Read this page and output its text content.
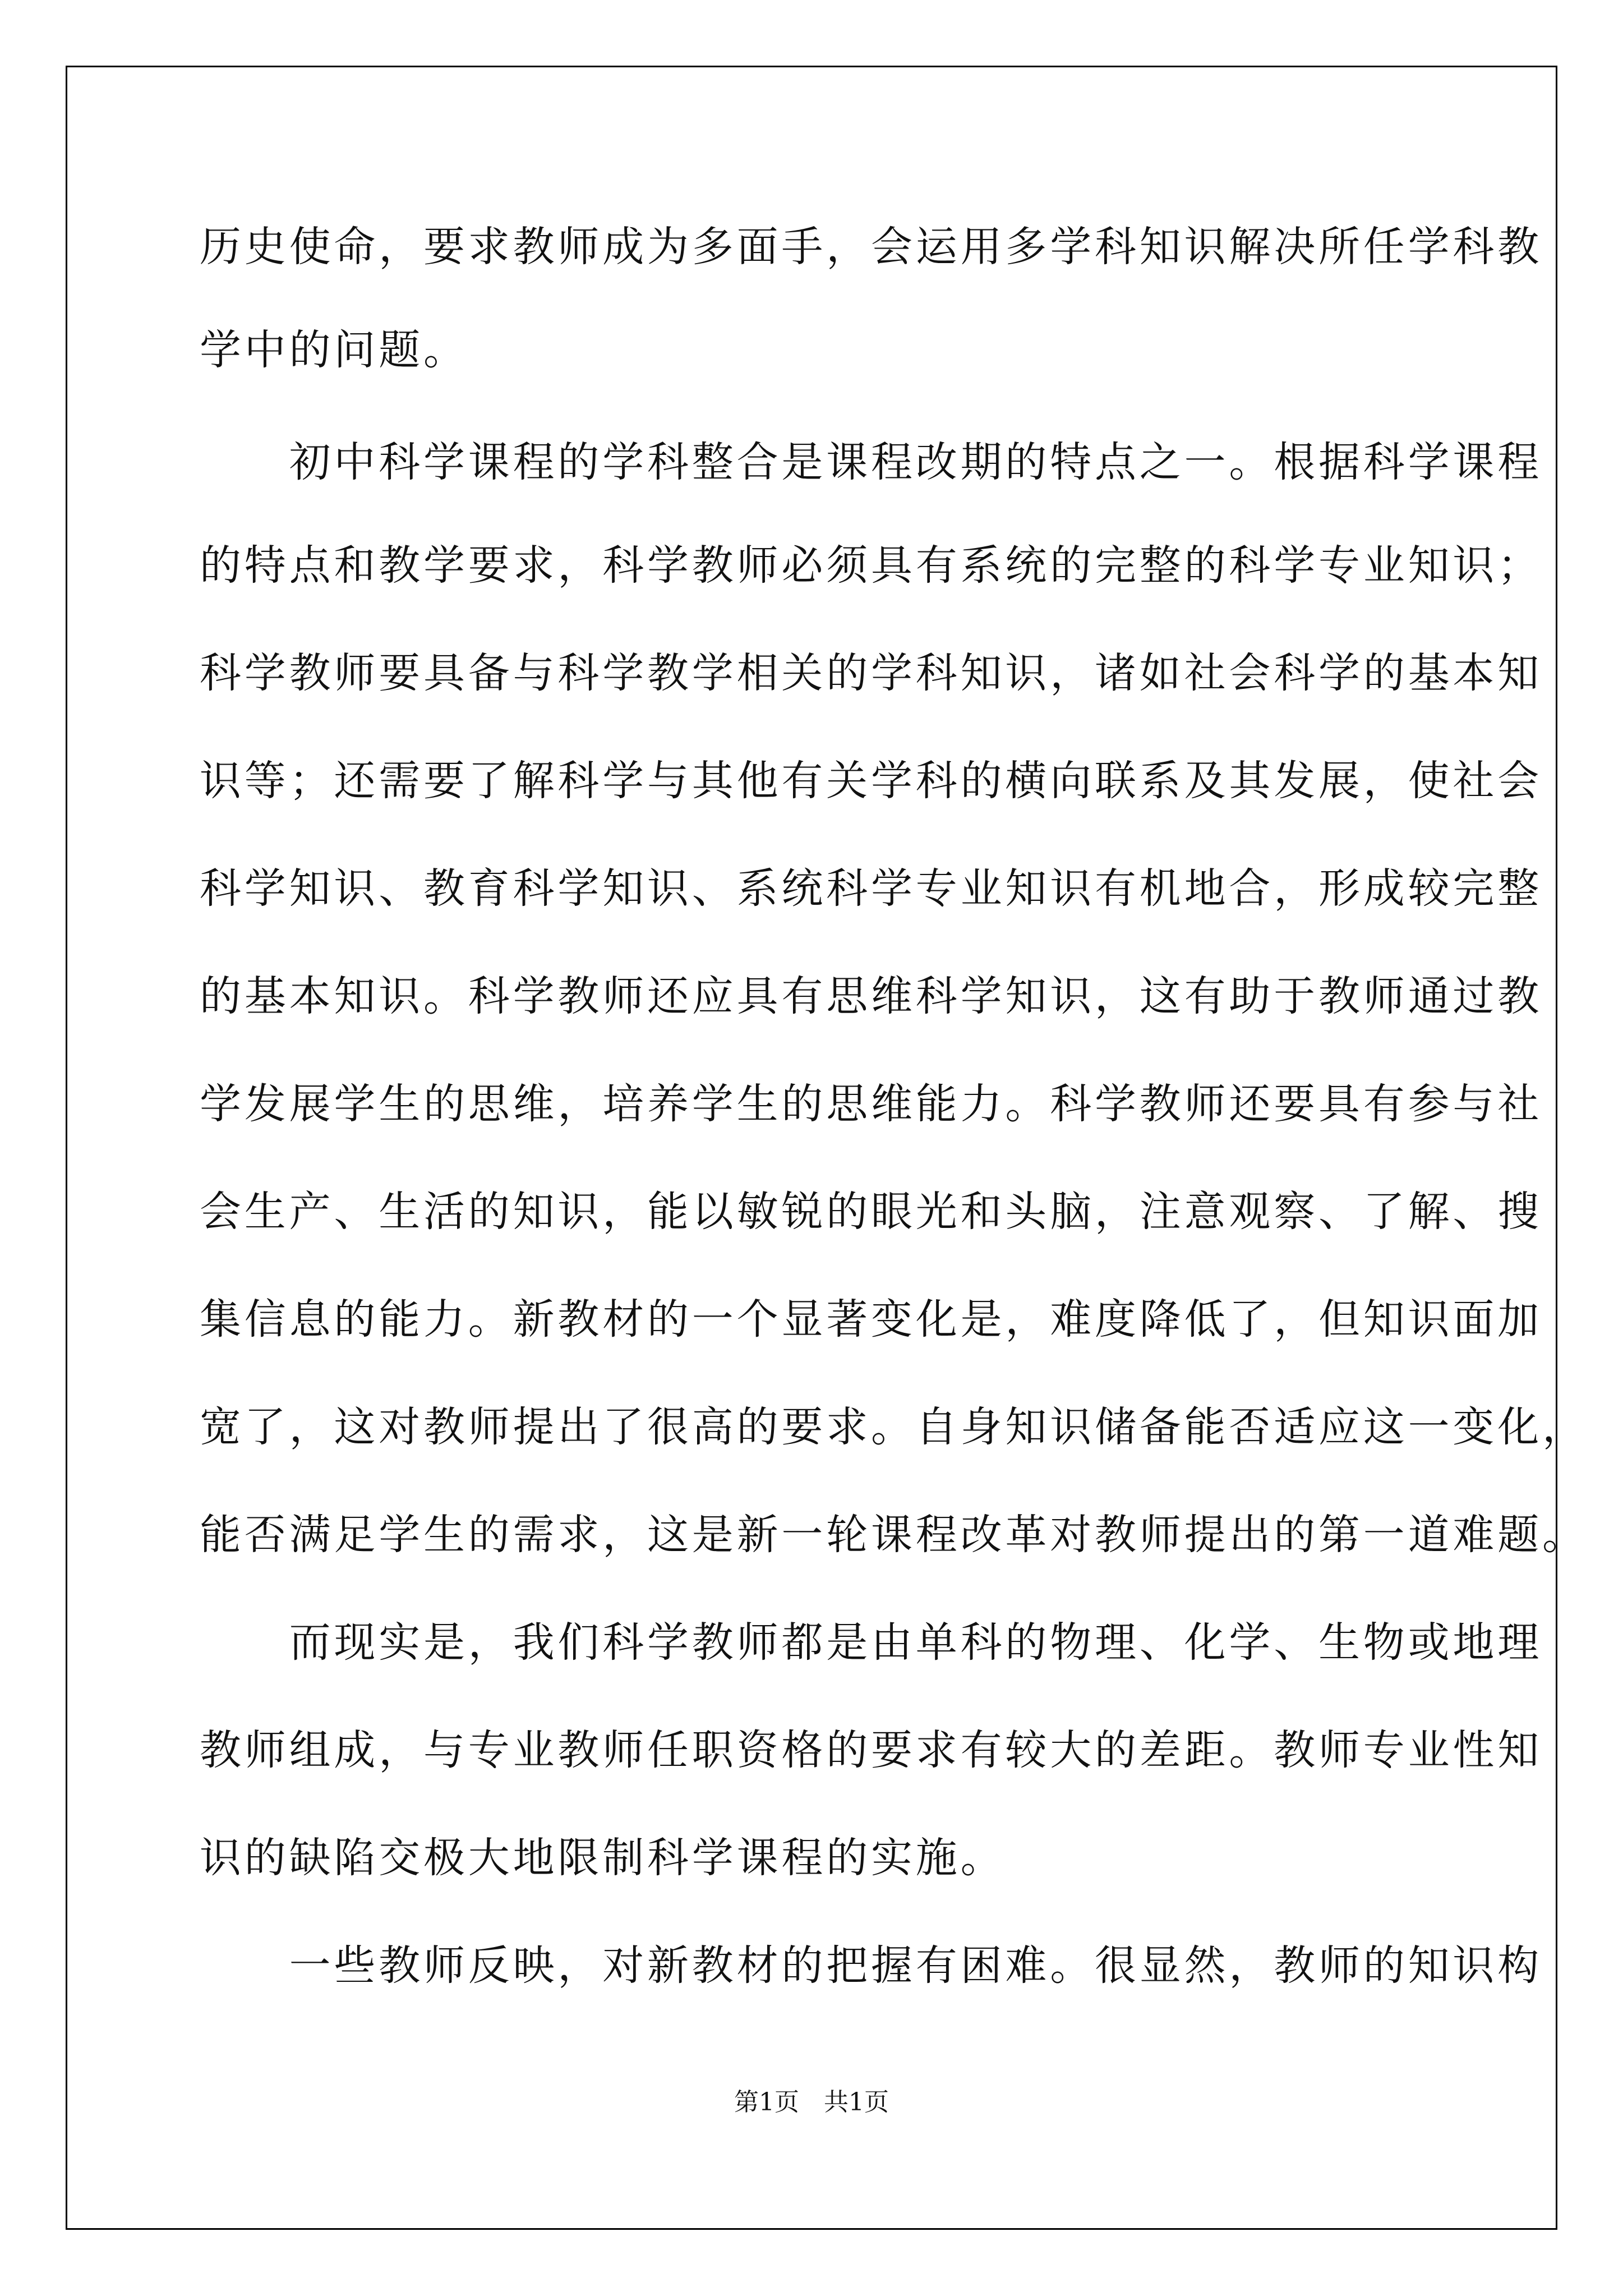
历史使命，要求教师成为多面手，会运用多学科知识解决所任学科教
学中的问题。
　　初中科学课程的学科整合是课程改期的特点之一。根据科学课程
的特点和教学要求，科学教师必须具有系统的完整的科学专业知识；
科学教师要具备与科学教学相关的学科知识，诸如社会科学的基本知
识等；还需要了解科学与其他有关学科的横向联系及其发展，使社会
科学知识、教育科学知识、系统科学专业知识有机地合，形成较完整
的基本知识。科学教师还应具有思维科学知识，这有助于教师通过教
学发展学生的思维，培养学生的思维能力。科学教师还要具有参与社
会生产、生活的知识，能以敏锐的眼光和头脑，注意观察、了解、搜
集信息的能力。新教材的一个显著变化是，难度降低了，但知识面加
宽了，这对教师提出了很高的要求。自身知识储备能否适应这一变化，
能否满足学生的需求，这是新一轮课程改革对教师提出的第一道难题。
　　而现实是，我们科学教师都是由单科的物理、化学、生物或地理
教师组成，与专业教师任职资格的要求有较大的差距。教师专业性知
识的缺陷交极大地限制科学课程的实施。
　　一些教师反映，对新教材的把握有困难。很显然，教师的知识构
第1页　 共1页
